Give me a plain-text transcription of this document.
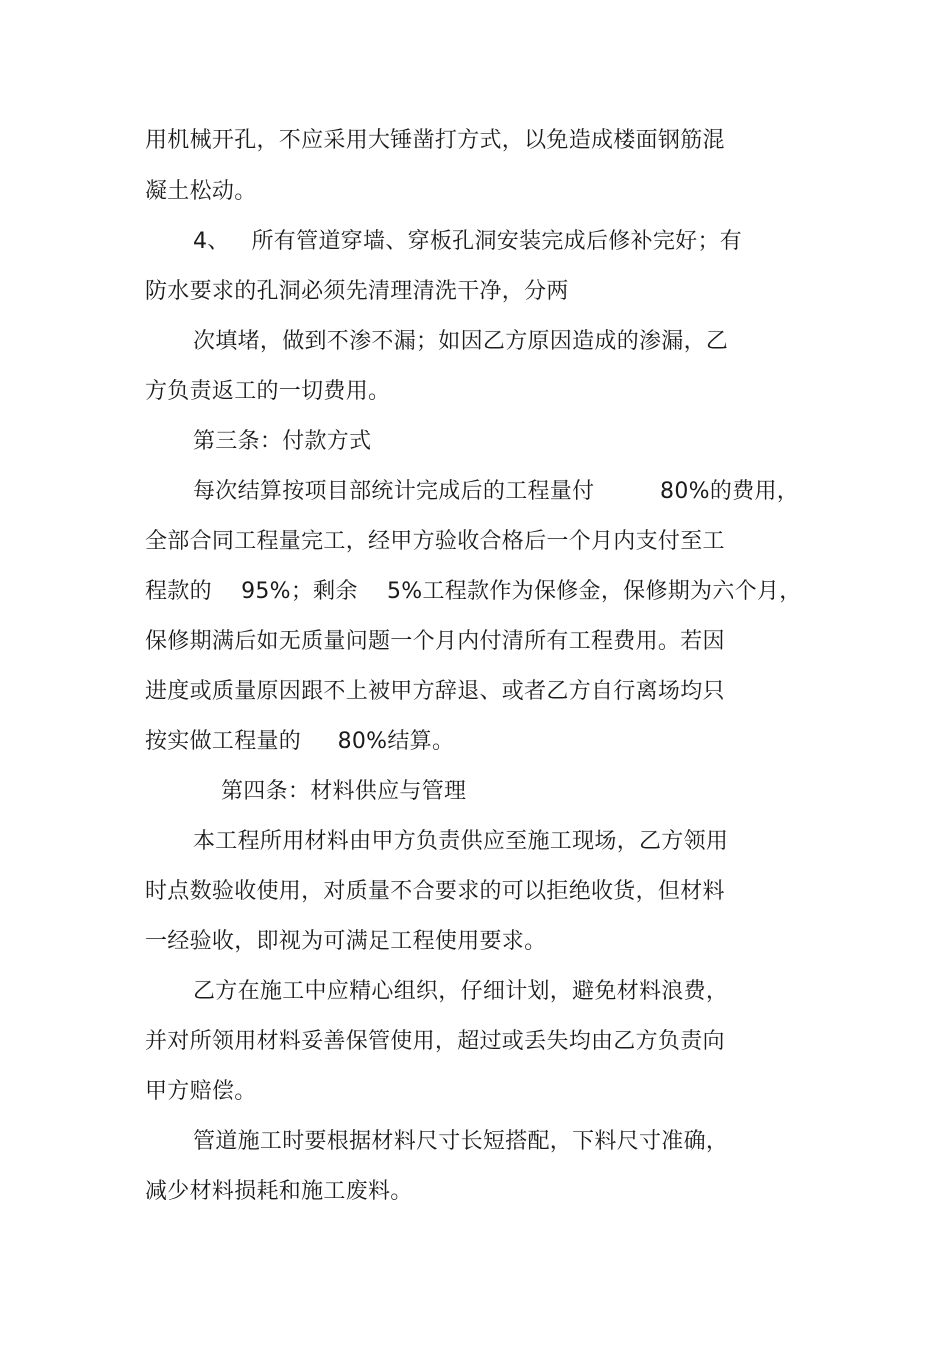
用机械开孔，不应采用大锤凿打方式，以免造成楼面钢筋混
凝土松动。
4、   所有管道穿墙、穿板孔洞安装完成后修补完好；有
防水要求的孔洞必须先清理清洗干净，分两
次填堵，做到不渗不漏；如因乙方原因造成的渗漏，乙
方负责返工的一切费用。
第三条：付款方式
每次结算按项目部统计完成后的工程量付         80%的费用，
全部合同工程量完工，经甲方验收合格后一个月内支付至工
程款的    95%；剩余    5%工程款作为保修金，保修期为六个月，
保修期满后如无质量问题一个月内付清所有工程费用。若因
进度或质量原因跟不上被甲方辞退、或者乙方自行离场均只
按实做工程量的     80%结算。
第四条：材料供应与管理
本工程所用材料由甲方负责供应至施工现场，乙方领用
时点数验收使用，对质量不合要求的可以拒绝收货，但材料
一经验收，即视为可满足工程使用要求。
乙方在施工中应精心组织，仔细计划，避免材料浪费，
并对所领用材料妥善保管使用，超过或丢失均由乙方负责向
甲方赔偿。
管道施工时要根据材料尺寸长短搭配，下料尺寸准确，
减少材料损耗和施工废料。
